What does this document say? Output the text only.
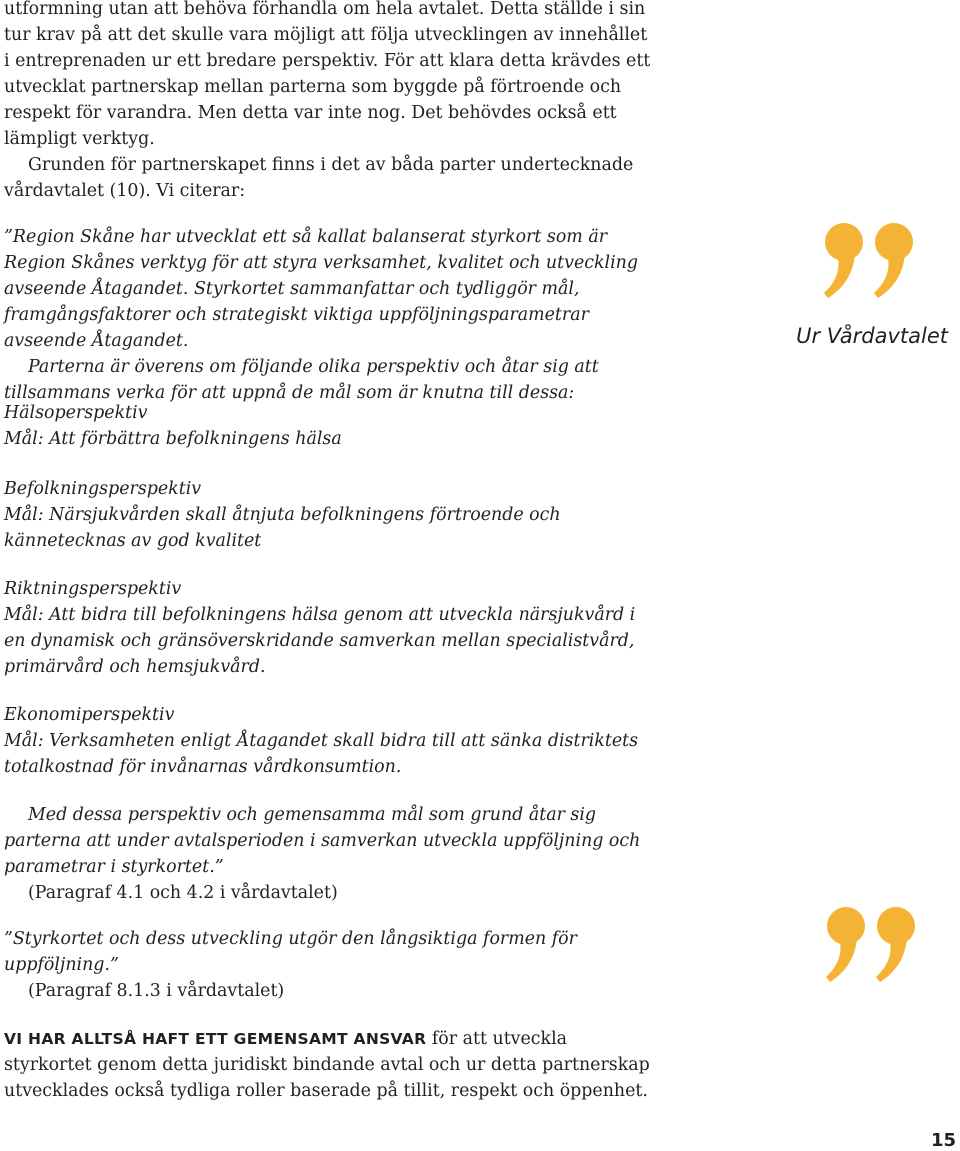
utformning utan att behöva förhandla om hela avtalet. Detta ställde i sin tur krav på att det skulle vara möjligt att följa utvecklingen av innehållet i entreprenaden ur ett bredare perspektiv. För att klara detta krävdes ett utvecklat partnerskap mellan parterna som byggde på förtroende och respekt för varandra. Men detta var inte nog. Det behövdes också ett lämpligt verktyg.

Grunden för partnerskapet finns i det av båda parter undertecknade vårdavtalet (10). Vi citerar:

”Region Skåne har utvecklat ett så kallat balanserat styrkort som är Region Skånes verktyg för att styra verksamhet, kvalitet och utveckling avseende Åtagandet. Styrkortet sammanfattar och tydliggör mål, framgångsfaktorer och strategiskt viktiga uppföljningsparametrar avseende Åtagandet.

Parterna är överens om följande olika perspektiv och åtar sig att tillsammans verka för att uppnå de mål som är knutna till dessa:

Hälsoperspektiv

Mål: Att förbättra befolkningens hälsa

Befolkningsperspektiv

Mål: Närsjukvården skall åtnjuta befolkningens förtroende och kännetecknas av god kvalitet

Riktningsperspektiv

Mål: Att bidra till befolkningens hälsa genom att utveckla närsjukvård i en dynamisk och gränsöverskridande samverkan mellan specialistvård, primärvård och hemsjukvård.

Ekonomiperspektiv

Mål: Verksamheten enligt Åtagandet skall bidra till att sänka distriktets totalkostnad för invånarnas vårdkonsumtion.

Med dessa perspektiv och gemensamma mål som grund åtar sig parterna att under avtalsperioden i samverkan utveckla uppföljning och parametrar i styrkortet.”

(Paragraf 4.1 och 4.2 i vårdavtalet)

”Styrkortet och dess utveckling utgör den långsiktiga formen för uppföljning.”

(Paragraf 8.1.3 i vårdavtalet)

VI HAR ALLTSÅ HAFT ETT GEMENSAMT ANSVAR för att utveckla styrkortet genom detta juridiskt bindande avtal och ur detta partnerskap utvecklades också tydliga roller baserade på tillit, respekt och öppenhet.

Ur Vårdavtalet
15
